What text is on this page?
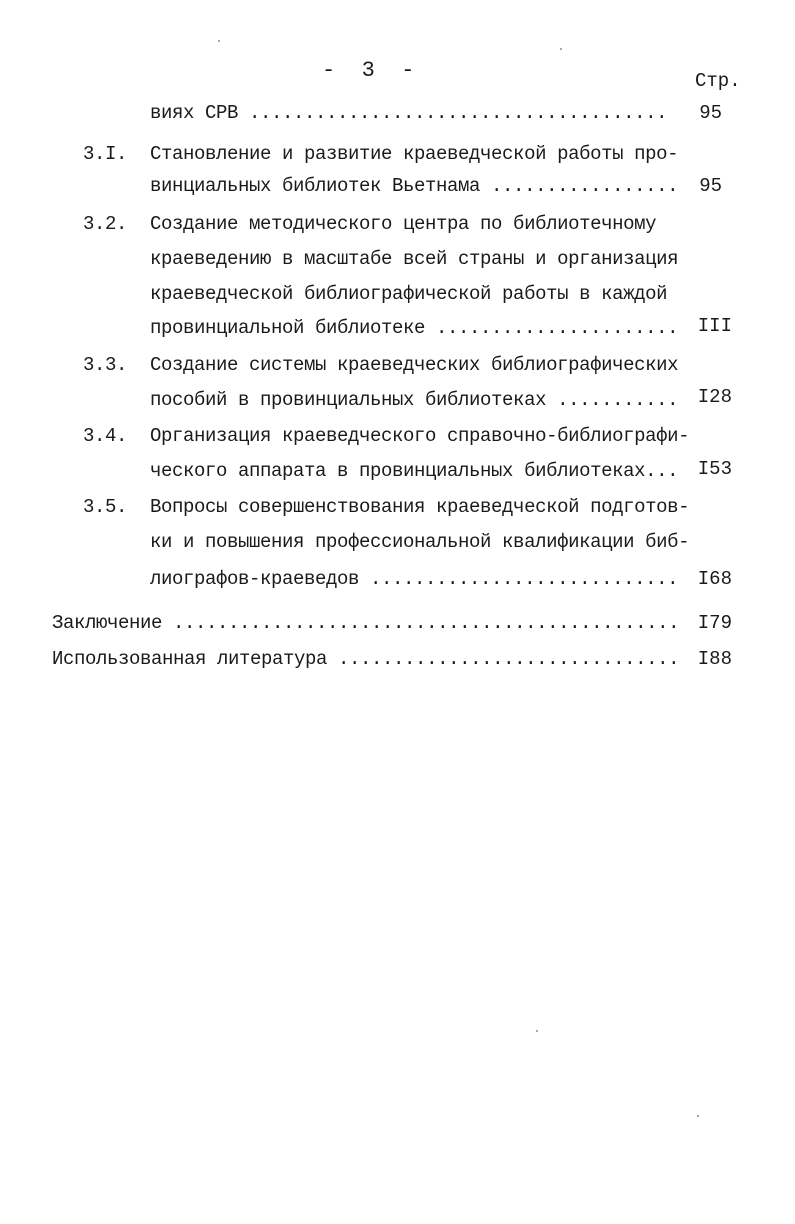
-  3  -	Стр.
вияx СРВ ......................................	95
3.I. Становление и развитие краеведческой работы про-
винциальных библиотек Вьетнама .................	95
3.2. Создание методического центра по библиотечному
краеведению в масштабе всей страны и организация
краеведческой библиографической работы в каждой
провинциальной библиотеке ......................	III
3.3. Создание системы краеведческих библиографических
пособий в провинциальных библиотеках ...........	I28
3.4. Организация краеведческого справочно-библиографи-
ческого аппарата в провинциальных библиотеках...	I53
3.5. Вопросы совершенствования краеведческой подготов-
ки и повышения профессиональной квалификации биб-
лиографов-краеведов ............................	I68
Заключение .............................................. I79
Использованная литература ............................... I88
